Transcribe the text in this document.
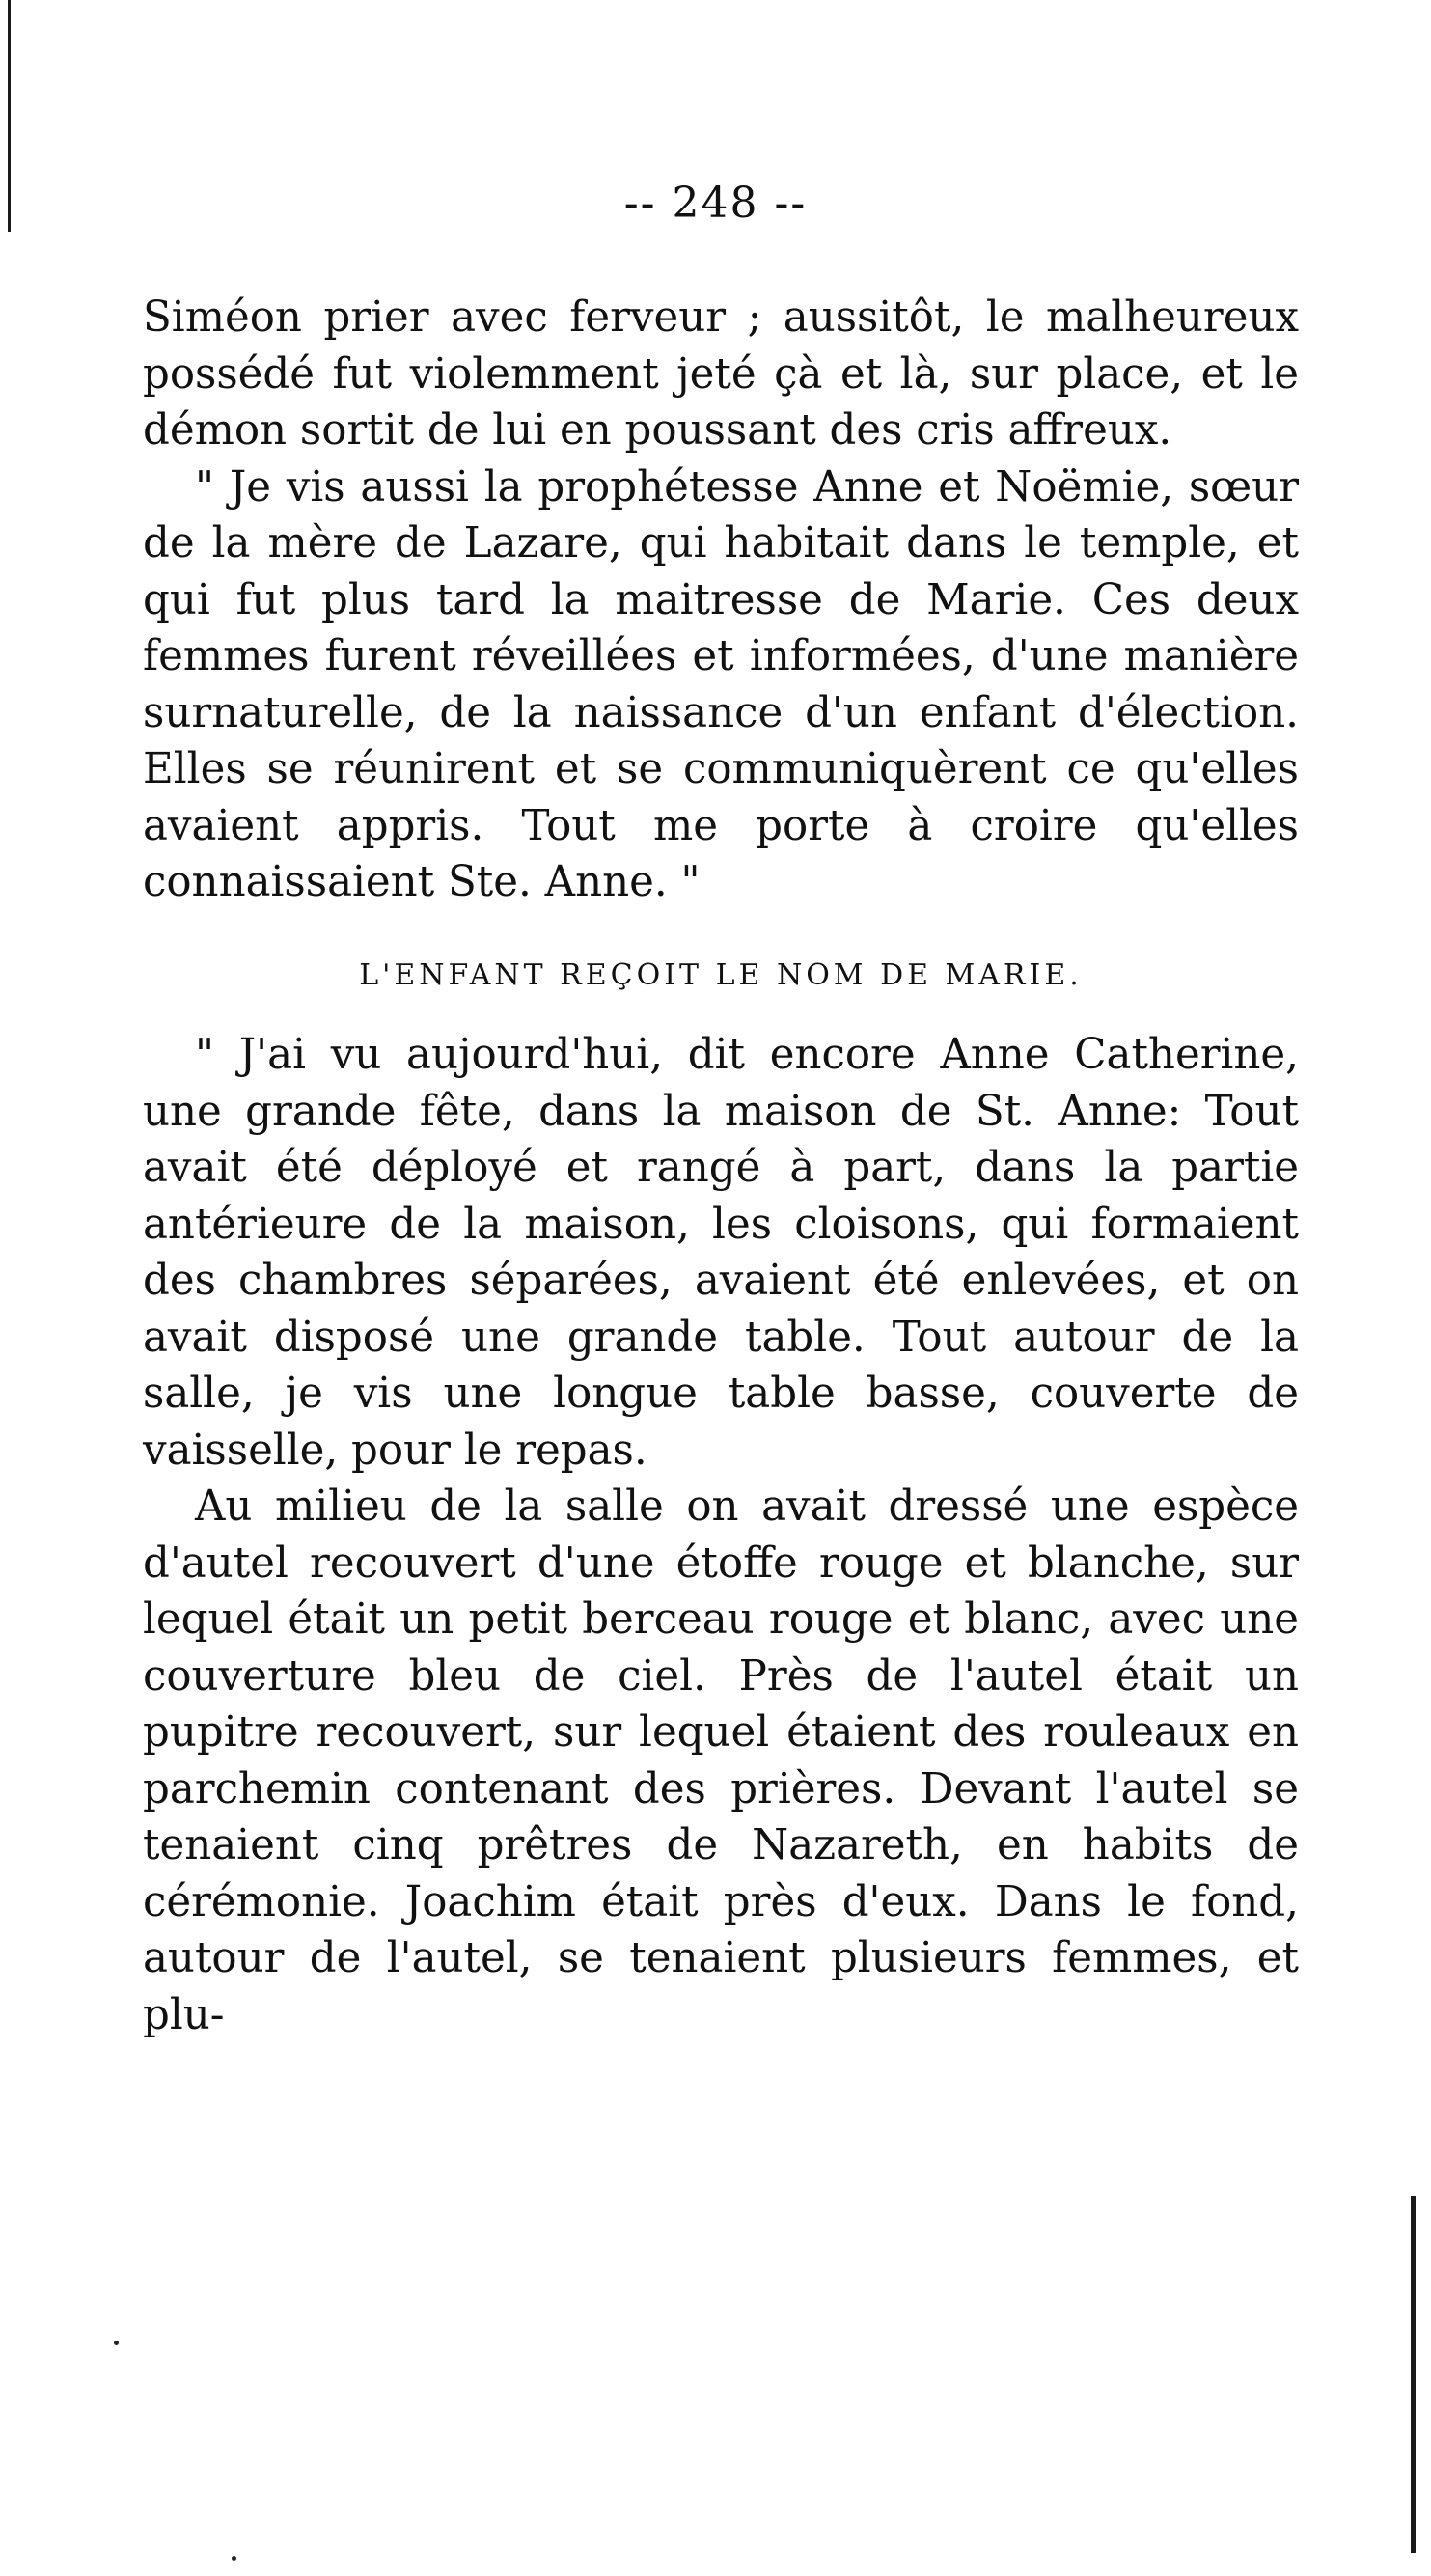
-- 248 --

Siméon prier avec ferveur ; aussitôt, le malheureux possédé fut violemment jeté çà et là, sur place, et le démon sortit de lui en poussant des cris affreux.

" Je vis aussi la prophétesse Anne et Noëmie, sœur de la mère de Lazare, qui habitait dans le temple, et qui fut plus tard la maitresse de Marie. Ces deux femmes furent réveillées et informées, d'une manière surnaturelle, de la naissance d'un enfant d'élection. Elles se réunirent et se communiquèrent ce qu'elles avaient appris. Tout me porte à croire qu'elles connaissaient Ste. Anne. "

L'ENFANT REÇOIT LE NOM DE MARIE.

" J'ai vu aujourd'hui, dit encore Anne Catherine, une grande fête, dans la maison de St. Anne: Tout avait été déployé et rangé à part, dans la partie antérieure de la maison, les cloisons, qui formaient des chambres séparées, avaient été enlevées, et on avait disposé une grande table. Tout autour de la salle, je vis une longue table basse, couverte de vaisselle, pour le repas.

Au milieu de la salle on avait dressé une espèce d'autel recouvert d'une étoffe rouge et blanche, sur lequel était un petit berceau rouge et blanc, avec une couverture bleu de ciel. Près de l'autel était un pupitre recouvert, sur lequel étaient des rouleaux en parchemin contenant des prières. Devant l'autel se tenaient cinq prêtres de Nazareth, en habits de cérémonie. Joachim était près d'eux. Dans le fond, autour de l'autel, se tenaient plusieurs femmes, et plu-
